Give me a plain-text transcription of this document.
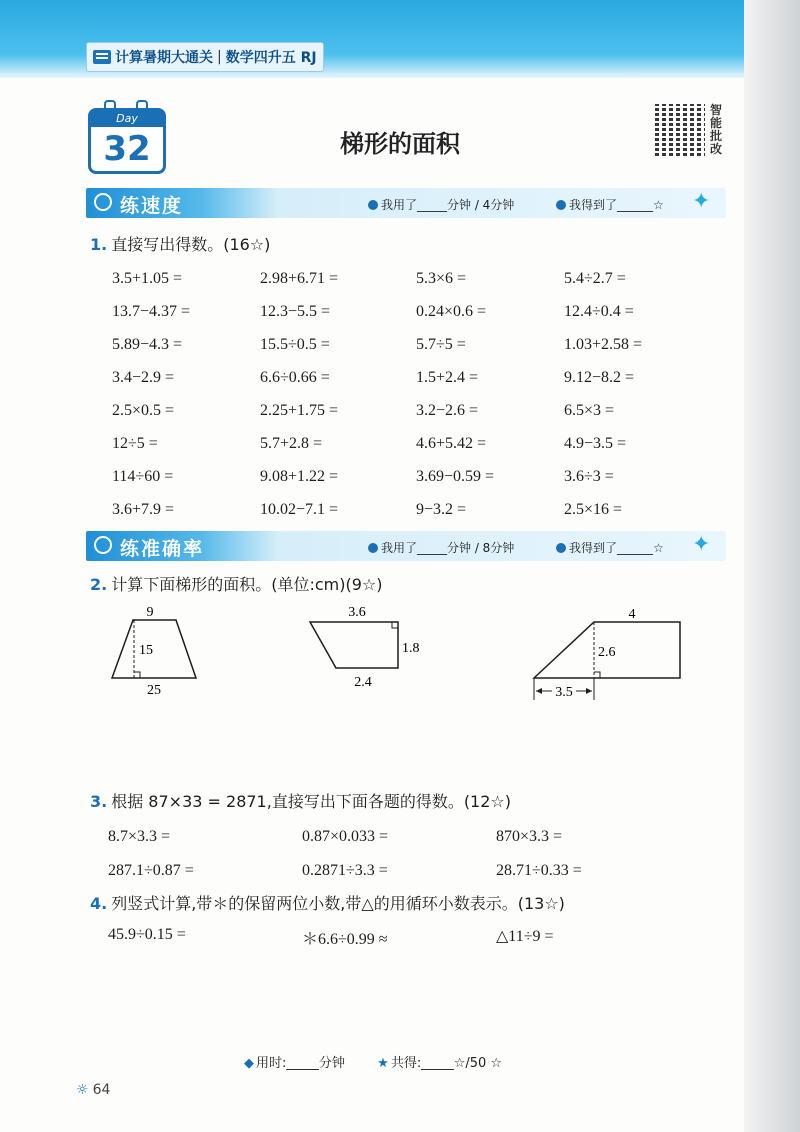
计算暑期大通关 | 数学四升五 RJ
Day
32	梯形的面积
智能批改
练速度	我用了_____分钟 / 4分钟	我得到了______☆ ✦
1. 直接写出得数。(16☆)
3.5+1.05 =	2.98+6.71 =	5.3×6 =	5.4÷2.7 =
13.7−4.37 =	12.3−5.5 =	0.24×0.6 =	12.4÷0.4 =
5.89−4.3 =	15.5÷0.5 =	5.7÷5 =	1.03+2.58 =
3.4−2.9 =	6.6÷0.66 =	1.5+2.4 =	9.12−8.2 =
2.5×0.5 =	2.25+1.75 =	3.2−2.6 =	6.5×3 =
12÷5 =	5.7+2.8 =	4.6+5.42 =	4.9−3.5 =
114÷60 =	9.08+1.22 =	3.69−0.59 =	3.6÷3 =
3.6+7.9 =	10.02−7.1 =	9−3.2 =	2.5×16 =
练准确率	我用了_____分钟 / 8分钟	我得到了______☆ ✦
2. 计算下面梯形的面积。(单位:cm)(9☆)
9
15
25
3.6
1.8
2.4
4
2.6
3.5
3. 根据 87×33 = 2871,直接写出下面各题的得数。(12☆)
8.7×3.3 =	0.87×0.033 =	870×3.3 =
287.1÷0.87 =	0.2871÷3.3 =	28.71÷0.33 =
4. 列竖式计算,带＊的保留两位小数,带△的用循环小数表示。(13☆)
45.9÷0.15 =	＊6.6÷0.99 ≈	△11÷9 =
◆ 用时:_____分钟 ★ 共得:_____☆/50 ☆
☼ 64
